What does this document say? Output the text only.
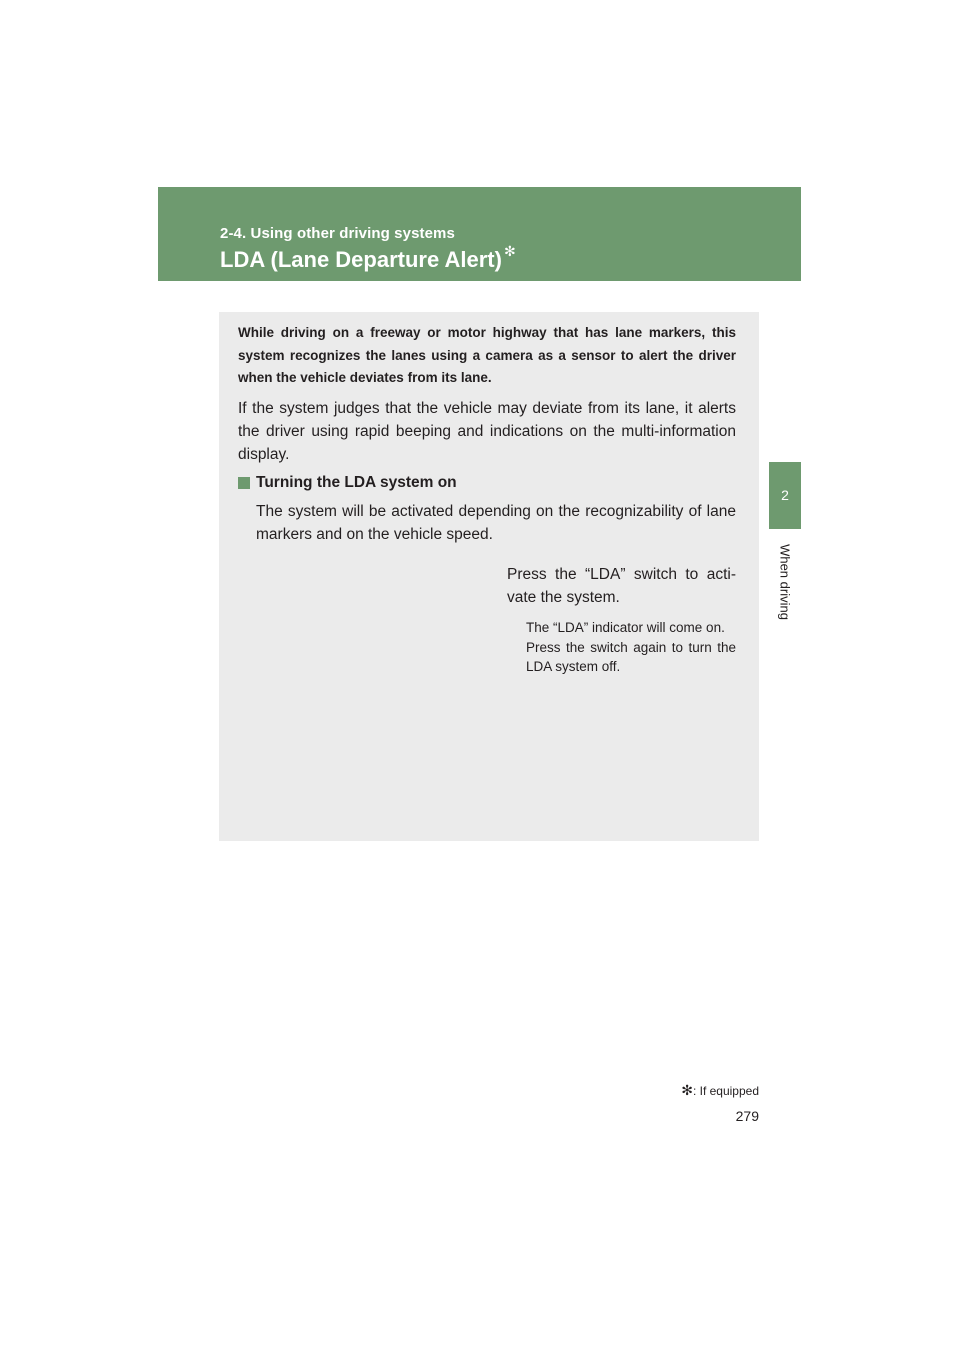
2-4. Using other driving systems
LDA (Lane Departure Alert) ✻
2
When driving
While driving on a freeway or motor highway that has lane markers, this system recognizes the lanes using a camera as a sensor to alert the driver when the vehicle deviates from its lane.
If the system judges that the vehicle may deviate from its lane, it alerts the driver using rapid beeping and indications on the multi-information display.
Turning the LDA system on
The system will be activated depending on the recognizability of lane markers and on the vehicle speed.
Press the “LDA” switch to acti-vate the system.

The “LDA” indicator will come on.

Press the switch again to turn the LDA system off.

✻: If equipped
279
